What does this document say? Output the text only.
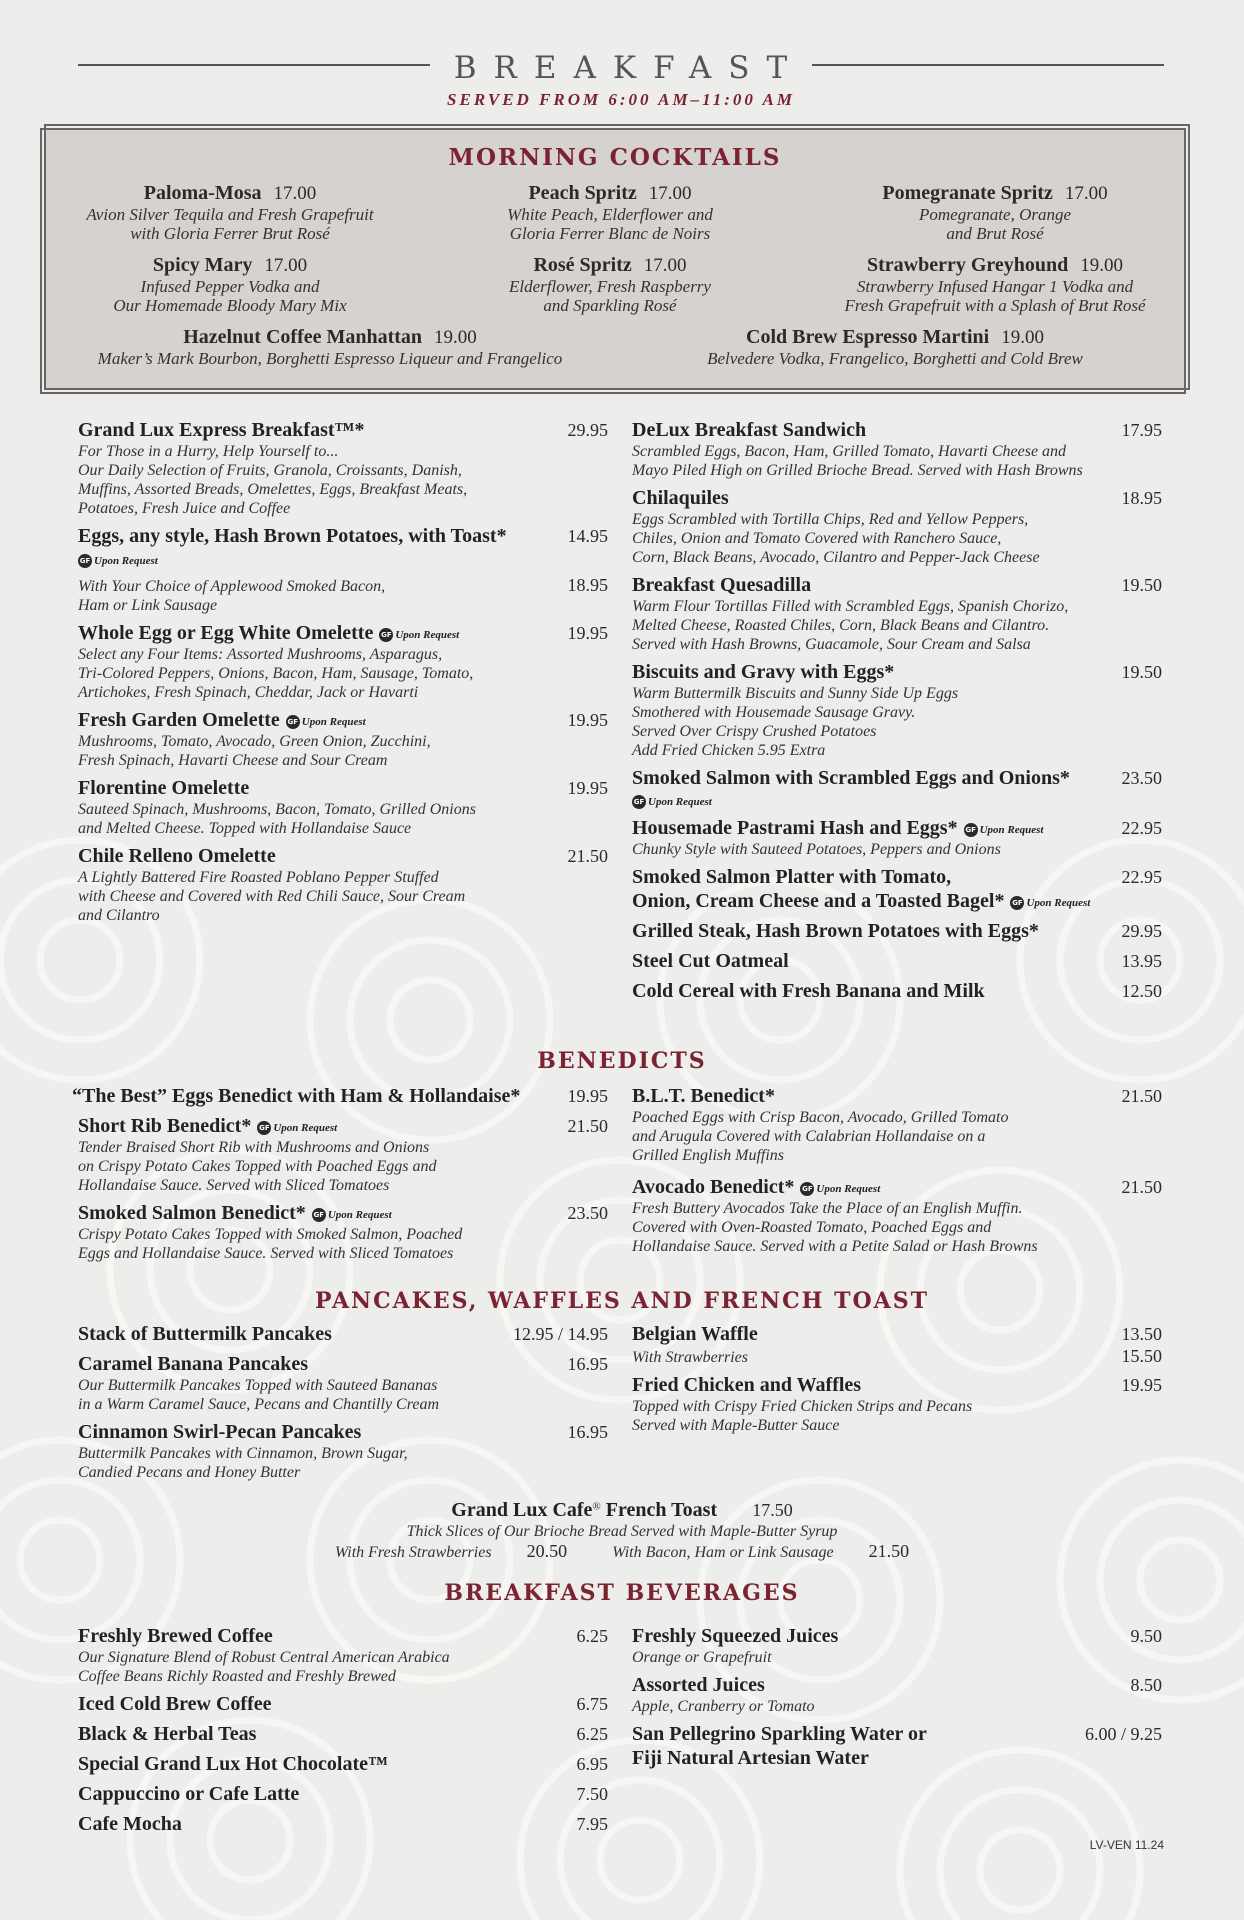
BREAKFAST
SERVED FROM 6:00 AM–11:00 AM
MORNING COCKTAILS
Paloma-Mosa 17.00
Avion Silver Tequila and Fresh Grapefruit
with Gloria Ferrer Brut Rosé
Peach Spritz 17.00
White Peach, Elderflower and
Gloria Ferrer Blanc de Noirs
Pomegranate Spritz 17.00
Pomegranate, Orange
and Brut Rosé
Spicy Mary 17.00
Infused Pepper Vodka and
Our Homemade Bloody Mary Mix
Rosé Spritz 17.00
Elderflower, Fresh Raspberry
and Sparkling Rosé
Strawberry Greyhound 19.00
Strawberry Infused Hangar 1 Vodka and
Fresh Grapefruit with a Splash of Brut Rosé
Hazelnut Coffee Manhattan 19.00
Maker’s Mark Bourbon, Borghetti Espresso Liqueur and Frangelico
Cold Brew Espresso Martini 19.00
Belvedere Vodka, Frangelico, Borghetti and Cold Brew
Grand Lux Express Breakfast™*	29.95
For Those in a Hurry, Help Yourself to...
Our Daily Selection of Fruits, Granola, Croissants, Danish,
Muffins, Assorted Breads, Omelettes, Eggs, Breakfast Meats,
Potatoes, Fresh Juice and Coffee
Eggs, any style, Hash Brown Potatoes, with Toast*	14.95
GF Upon Request
With Your Choice of Applewood Smoked Bacon,	18.95
Ham or Link Sausage
Whole Egg or Egg White Omelette GF Upon Request	19.95
Select any Four Items: Assorted Mushrooms, Asparagus,
Tri-Colored Peppers, Onions, Bacon, Ham, Sausage, Tomato,
Artichokes, Fresh Spinach, Cheddar, Jack or Havarti
Fresh Garden Omelette GF Upon Request	19.95
Mushrooms, Tomato, Avocado, Green Onion, Zucchini,
Fresh Spinach, Havarti Cheese and Sour Cream
Florentine Omelette	19.95
Sauteed Spinach, Mushrooms, Bacon, Tomato, Grilled Onions
and Melted Cheese. Topped with Hollandaise Sauce
Chile Relleno Omelette	21.50
A Lightly Battered Fire Roasted Poblano Pepper Stuffed
with Cheese and Covered with Red Chili Sauce, Sour Cream
and Cilantro
DeLux Breakfast Sandwich	17.95
Scrambled Eggs, Bacon, Ham, Grilled Tomato, Havarti Cheese and
Mayo Piled High on Grilled Brioche Bread. Served with Hash Browns
Chilaquiles	18.95
Eggs Scrambled with Tortilla Chips, Red and Yellow Peppers,
Chiles, Onion and Tomato Covered with Ranchero Sauce,
Corn, Black Beans, Avocado, Cilantro and Pepper-Jack Cheese
Breakfast Quesadilla	19.50
Warm Flour Tortillas Filled with Scrambled Eggs, Spanish Chorizo,
Melted Cheese, Roasted Chiles, Corn, Black Beans and Cilantro.
Served with Hash Browns, Guacamole, Sour Cream and Salsa
Biscuits and Gravy with Eggs*	19.50
Warm Buttermilk Biscuits and Sunny Side Up Eggs
Smothered with Housemade Sausage Gravy.
Served Over Crispy Crushed Potatoes
Add Fried Chicken 5.95 Extra
Smoked Salmon with Scrambled Eggs and Onions*	23.50
GF Upon Request
Housemade Pastrami Hash and Eggs* GF Upon Request	22.95
Chunky Style with Sauteed Potatoes, Peppers and Onions
Smoked Salmon Platter with Tomato,	22.95
Onion, Cream Cheese and a Toasted Bagel* GF Upon Request
Grilled Steak, Hash Brown Potatoes with Eggs*	29.95
Steel Cut Oatmeal	13.95
Cold Cereal with Fresh Banana and Milk	12.50
BENEDICTS
“The Best” Eggs Benedict with Ham & Hollandaise*	19.95
Short Rib Benedict* GF Upon Request	21.50
Tender Braised Short Rib with Mushrooms and Onions
on Crispy Potato Cakes Topped with Poached Eggs and
Hollandaise Sauce. Served with Sliced Tomatoes
Smoked Salmon Benedict* GF Upon Request	23.50
Crispy Potato Cakes Topped with Smoked Salmon, Poached
Eggs and Hollandaise Sauce. Served with Sliced Tomatoes
B.L.T. Benedict*	21.50
Poached Eggs with Crisp Bacon, Avocado, Grilled Tomato
and Arugula Covered with Calabrian Hollandaise on a
Grilled English Muffins
Avocado Benedict* GF Upon Request	21.50
Fresh Buttery Avocados Take the Place of an English Muffin.
Covered with Oven-Roasted Tomato, Poached Eggs and
Hollandaise Sauce. Served with a Petite Salad or Hash Browns
PANCAKES, WAFFLES AND FRENCH TOAST
Stack of Buttermilk Pancakes	12.95 / 14.95
Caramel Banana Pancakes	16.95
Our Buttermilk Pancakes Topped with Sauteed Bananas
in a Warm Caramel Sauce, Pecans and Chantilly Cream
Cinnamon Swirl-Pecan Pancakes	16.95
Buttermilk Pancakes with Cinnamon, Brown Sugar,
Candied Pecans and Honey Butter
Belgian Waffle	13.50
With Strawberries	15.50
Fried Chicken and Waffles	19.95
Topped with Crispy Fried Chicken Strips and Pecans
Served with Maple-Butter Sauce
Grand Lux Cafe® French Toast 17.50
Thick Slices of Our Brioche Bread Served with Maple-Butter Syrup
With Fresh Strawberries 20.50	With Bacon, Ham or Link Sausage 21.50
BREAKFAST BEVERAGES
Freshly Brewed Coffee	6.25
Our Signature Blend of Robust Central American Arabica
Coffee Beans Richly Roasted and Freshly Brewed
Iced Cold Brew Coffee	6.75
Black & Herbal Teas	6.25
Special Grand Lux Hot Chocolate™	6.95
Cappuccino or Cafe Latte	7.50
Cafe Mocha	7.95
Freshly Squeezed Juices	9.50
Orange or Grapefruit
Assorted Juices	8.50
Apple, Cranberry or Tomato
San Pellegrino Sparkling Water or	6.00 / 9.25
Fiji Natural Artesian Water
LV-VEN 11.24
